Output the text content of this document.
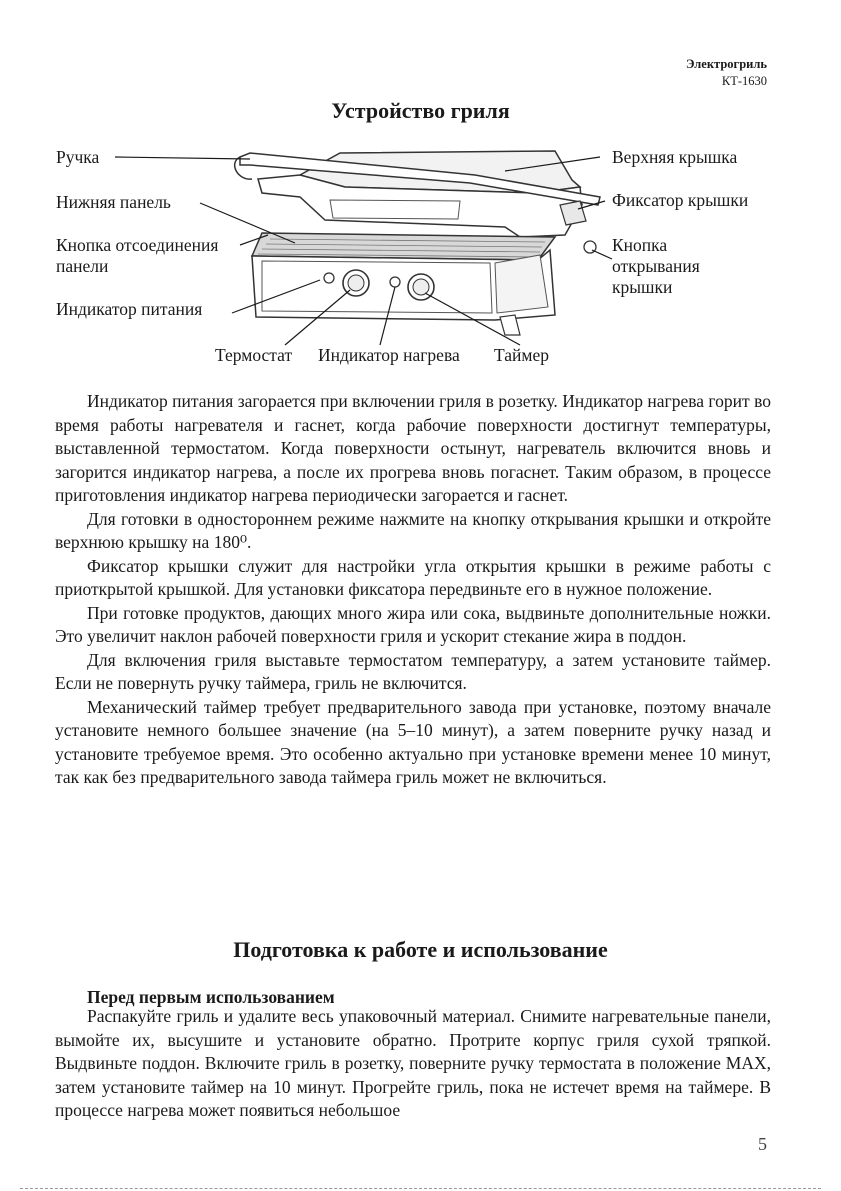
Электрогриль
КТ-1630
Устройство гриля
Ручка
Нижняя панель
Кнопка отсоединения
панели
Индикатор питания
Термостат Индикатор нагрева Таймер
Верхняя крышка
Фиксатор крышки
Кнопка
открывания
крышки

Индикатор питания загорается при включении гриля в розетку. Индикатор нагрева горит во время работы нагревателя и гаснет, когда рабочие поверхности достигнут температуры, выставленной термостатом. Когда поверхности остынут, нагреватель включится вновь и загорится индикатор нагрева, а после их прогрева вновь погаснет. Таким образом, в процессе приготовления индикатор нагрева периодически загорается и гаснет.

Для готовки в одностороннем режиме нажмите на кнопку открывания крышки и откройте верхнюю крышку на 180⁰.

Фиксатор крышки служит для настройки угла открытия крышки в режиме работы с приоткрытой крышкой. Для установки фиксатора передвиньте его в нужное положение.

При готовке продуктов, дающих много жира или сока, выдвиньте дополнительные ножки. Это увеличит наклон рабочей поверхности гриля и ускорит стекание жира в поддон.

Для включения гриля выставьте термостатом температуру, а затем установите таймер. Если не повернуть ручку таймера, гриль не включится.

Механический таймер требует предварительного завода при установке, поэтому вначале установите немного большее значение (на 5–10 минут), а затем поверните ручку назад и установите требуемое время. Это особенно актуально при установке времени менее 10 минут, так как без предварительного завода таймера гриль может не включиться.

Подготовка к работе и использование
Перед первым использованием

Распакуйте гриль и удалите весь упаковочный материал. Снимите нагревательные панели, вымойте их, высушите и установите обратно. Протрите корпус гриля сухой тряпкой. Выдвиньте поддон. Включите гриль в розетку, поверните ручку термостата в положение MAX, затем установите таймер на 10 минут. Прогрейте гриль, пока не истечет время на таймере. В процессе нагрева может появиться небольшое

5
